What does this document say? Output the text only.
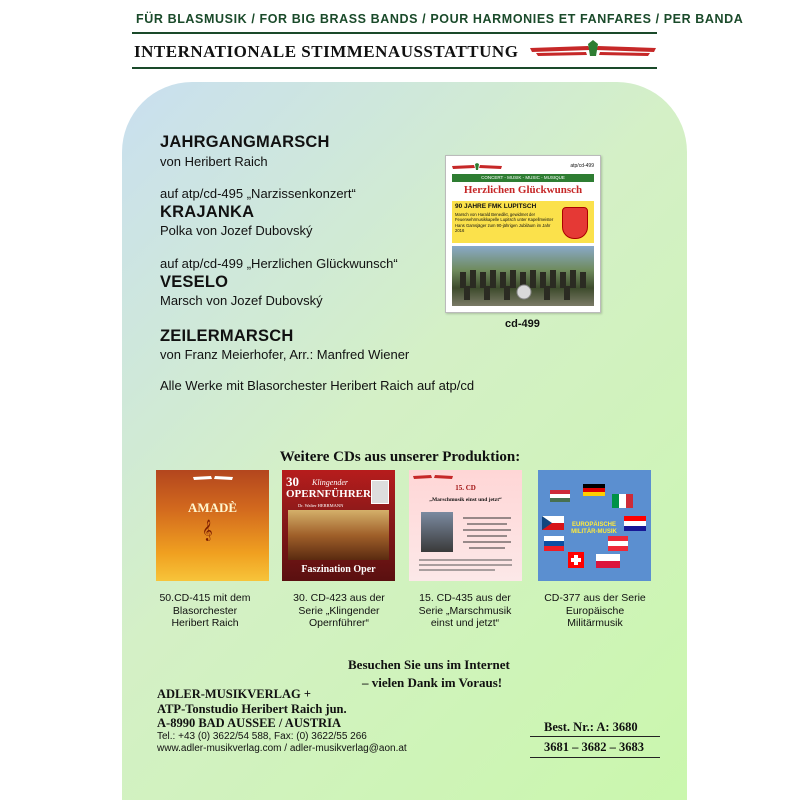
FÜR BLASMUSIK / FOR BIG BRASS BANDS / POUR HARMONIES ET FANFARES / PER BANDA
INTERNATIONALE STIMMENAUSSTATTUNG
JAHRGANGMARSCH
von Heribert Raich
auf atp/cd-495 „Narzissenkonzert“
KRAJANKA
Polka von Jozef Dubovský
auf atp/cd-499 „Herzlichen Glückwunsch“
VESELO
Marsch von Jozef Dubovský
ZEILERMARSCH
von Franz Meierhofer, Arr.: Manfred Wiener
Alle Werke mit Blasorchester Heribert Raich auf atp/cd
atp/cd-499
CONCERT - MUSIK - MUSIC - MUSIQUE
Herzlichen Glückwunsch
90 JAHRE FMK LUPITSCH
Marsch von Harald Benedikt, gewidmet der Feuerwehrmusikkapelle Lupitsch unter Kapellmeister Hans Gamsjäger zum 90-jährigen Jubiläum im Jahr 2016
cd-499
Weitere CDs aus unserer Produktion:
AMADÈ
𝄞
50.CD-415 mit dem
Blasorchester
Heribert Raich
30 Klingender
OPERNFÜHRER
Dr. Walter HERRMANN
Faszination Oper
30. CD-423 aus der
Serie „Klingender
Opernführer“
15. CD
„Marschmusik einst und jetzt“
15. CD-435 aus der
Serie „Marschmusik
einst und jetzt“
EUROPÄISCHE MILITÄR-MUSIK
CD-377 aus der Serie
Europäische
Militärmusik
Besuchen Sie uns im Internet
– vielen Dank im Voraus!
ADLER-MUSIKVERLAG +
ATP-Tonstudio Heribert Raich jun.
A-8990 BAD AUSSEE / AUSTRIA
Tel.: +43 (0) 3622/54 588, Fax: (0) 3622/55 266
www.adler-musikverlag.com / adler-musikverlag@aon.at
Best. Nr.: A: 3680
3681 – 3682 – 3683
